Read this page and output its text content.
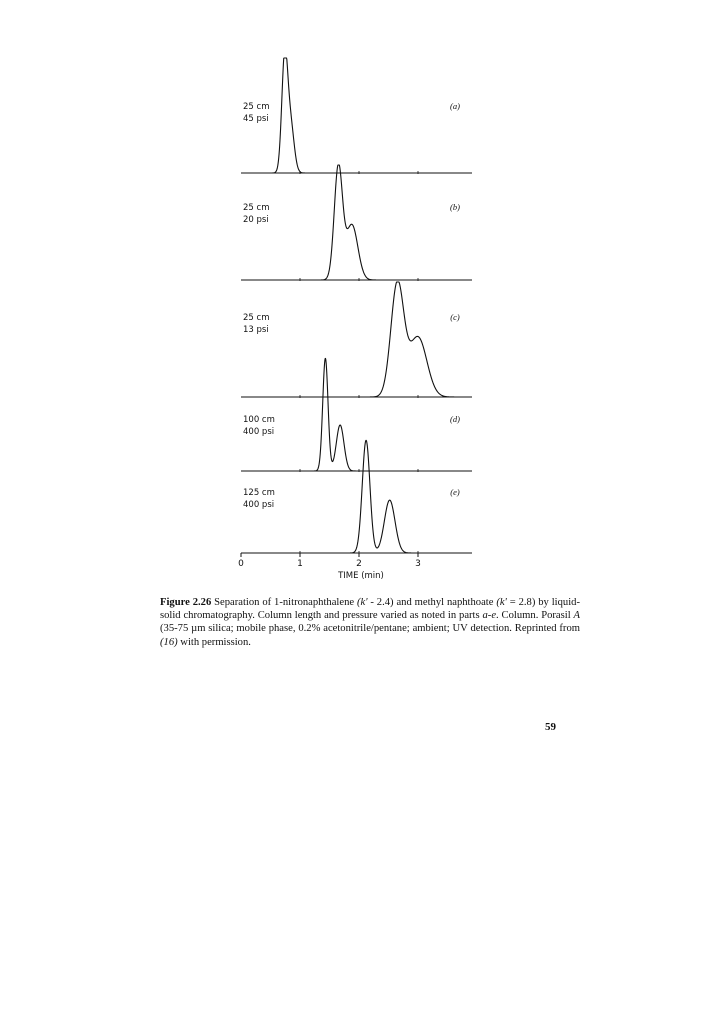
25 cm
45 psi
(a)
25 cm
20 psi
(b)
25 cm
13 psi
(c)
100 cm
400 psi
(d)
125 cm
400 psi
(e)
0	1	2	3
TIME (min)

Figure 2.26 Separation of 1-nitronaphthalene (k' - 2.4) and methyl naphthoate (k' = 2.8) by liquid-solid chromatography. Column length and pressure varied as noted in parts a-e. Column. Porasil A (35-75 µm silica; mobile phase, 0.2% acetonitrile/pentane; ambient; UV detection. Reprinted from (16) with permission.

59
